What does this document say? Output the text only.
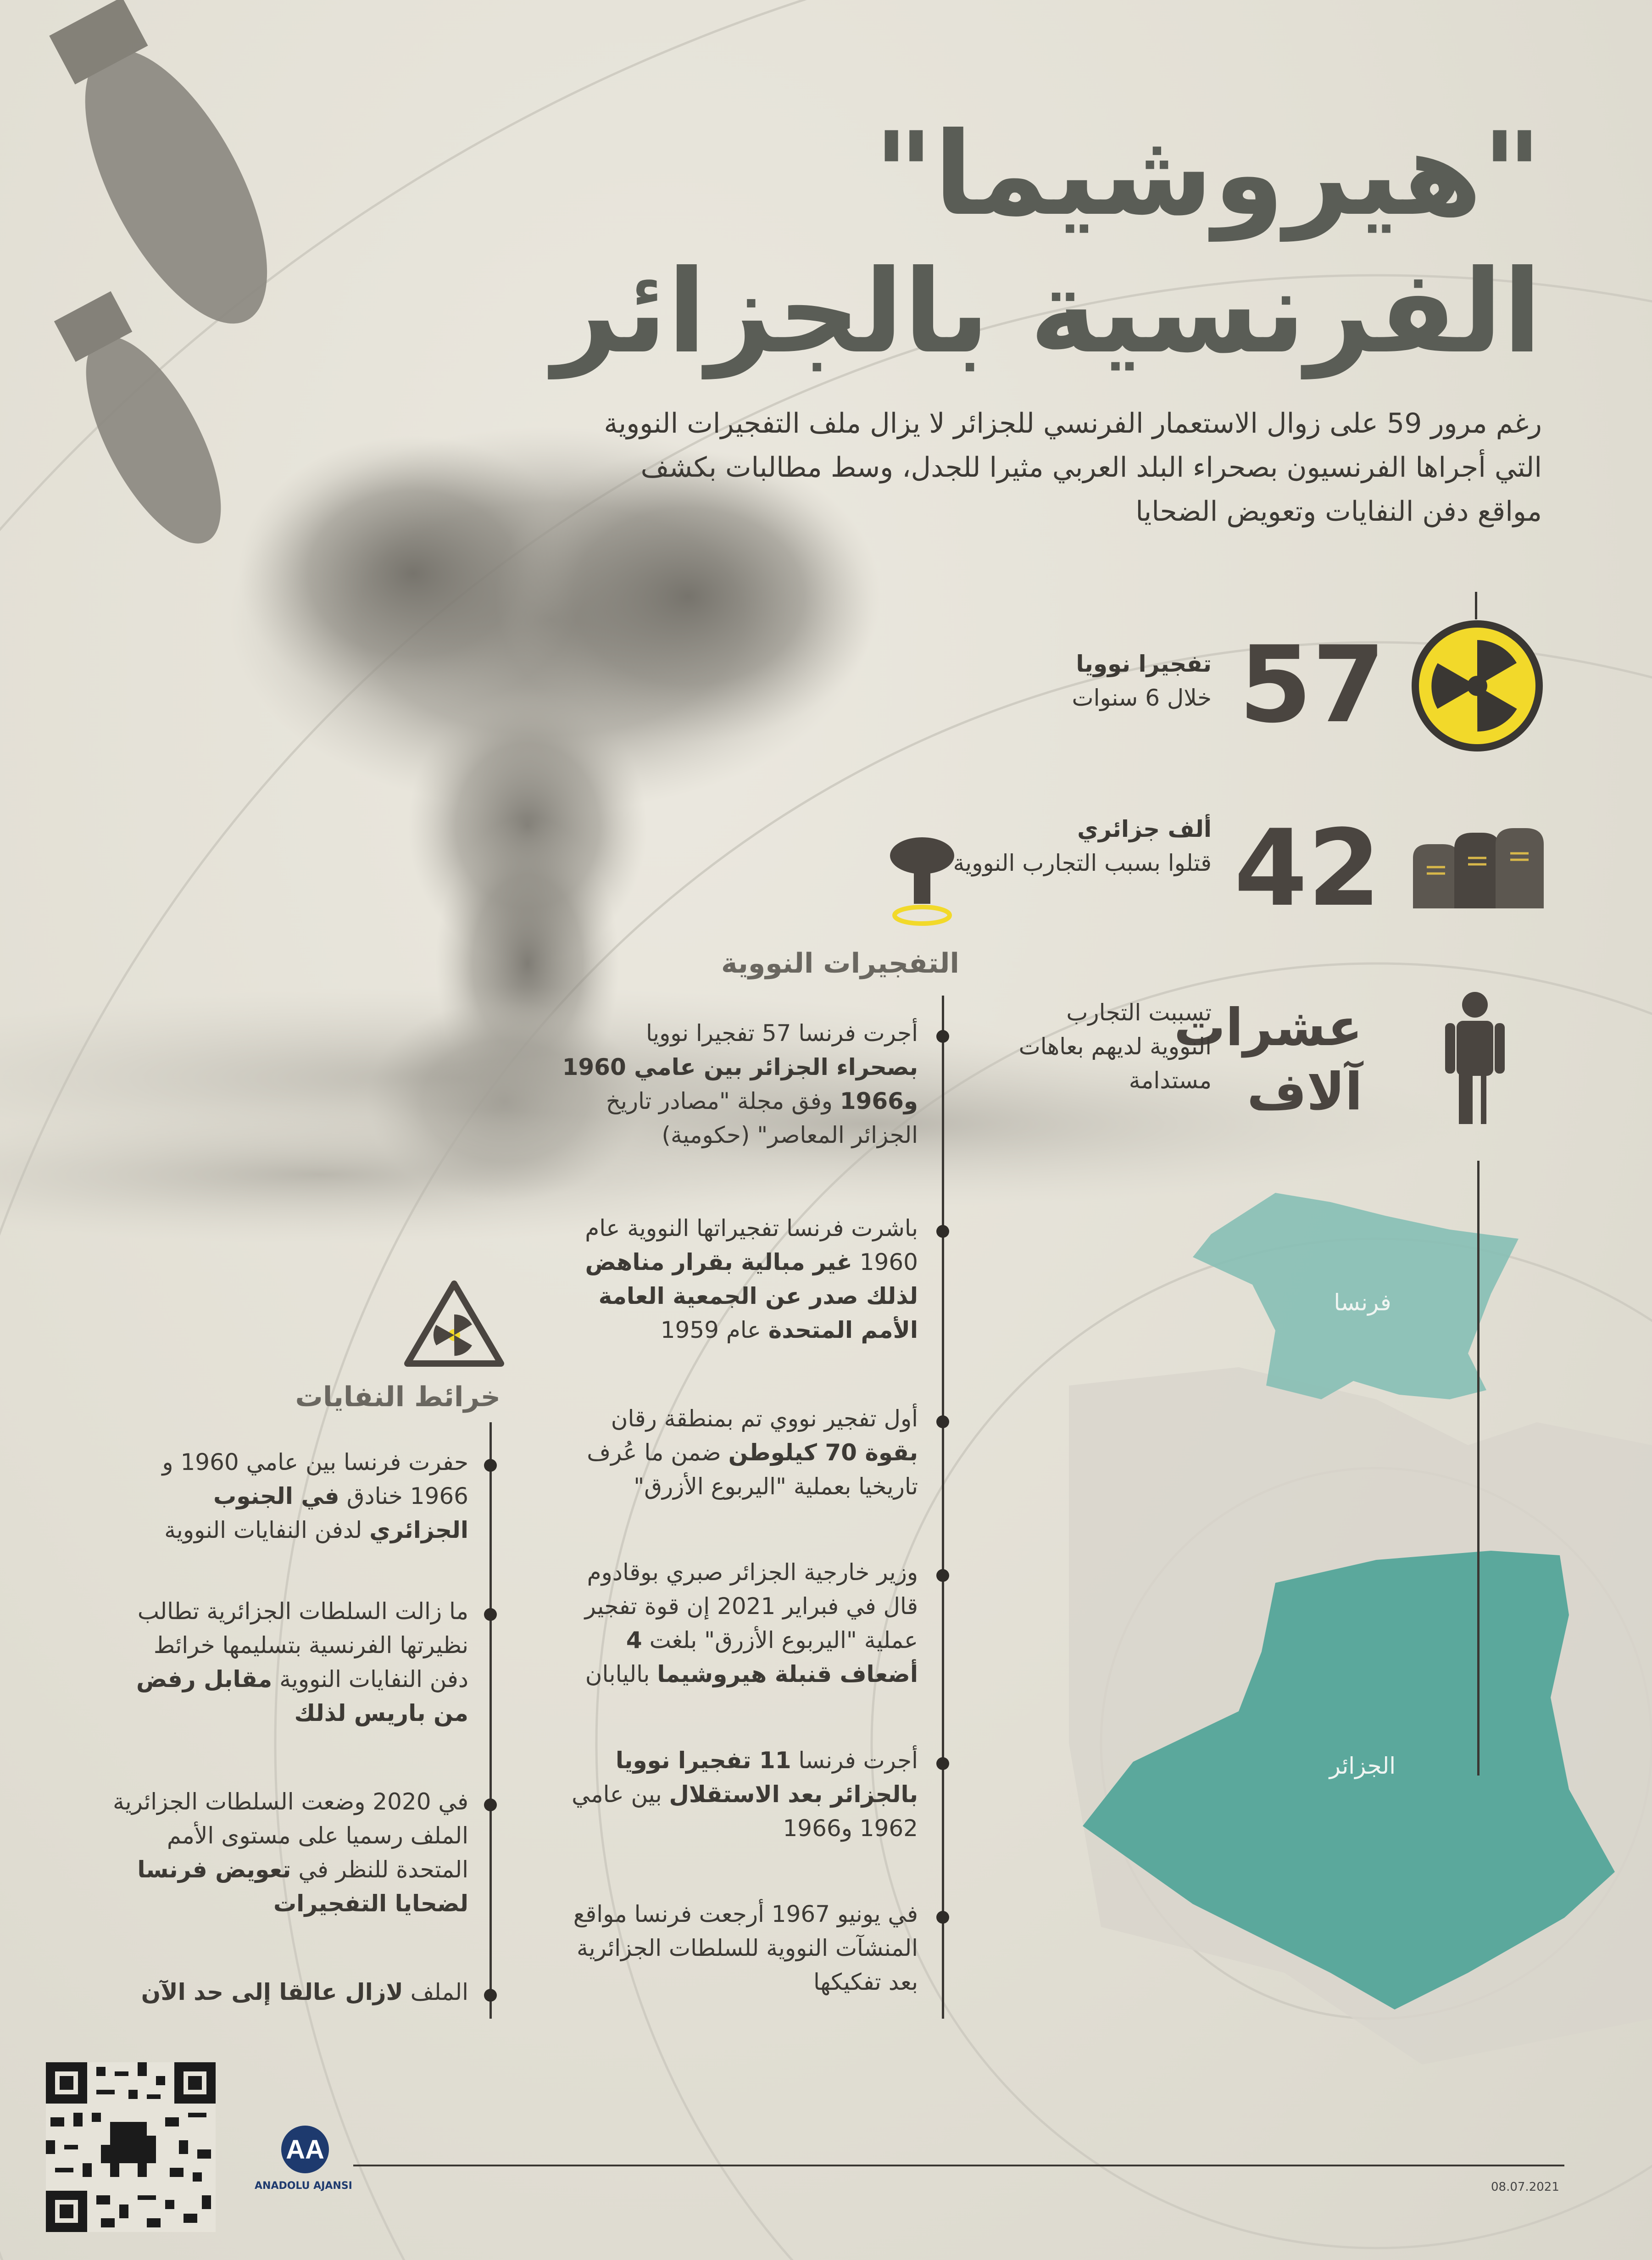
"هيروشيما"
الفرنسية بالجزائر
رغم مرور 59 على زوال الاستعمار الفرنسي للجزائر لا يزال ملف التفجيرات النووية التي أجراها الفرنسيون بصحراء البلد العربي مثيرا للجدل، وسط مطالبات بكشف مواقع دفن النفايات وتعويض الضحايا
57
تفجيرا نوويا
خلال 6 سنوات
42
ألف جزائري
قتلوا بسبب التجارب النووية
عشرات
آلاف
تسببت التجارب النووية لديهم بعاهات مستدامة
فرنسا
الجزائر
التفجيرات النووية
أجرت فرنسا 57 تفجيرا نوويا بصحراء الجزائر بين عامي 1960 و1966 وفق مجلة "مصادر تاريخ الجزائر المعاصر" (حكومية)
باشرت فرنسا تفجيراتها النووية عام 1960 غير مبالية بقرار مناهض لذلك صدر عن الجمعية العامة الأمم المتحدة عام 1959
أول تفجير نووي تم بمنطقة رقان بقوة 70 كيلوطن ضمن ما عُرف تاريخيا بعملية "اليربوع الأزرق"
وزير خارجية الجزائر صبري بوقادوم قال في فبراير 2021 إن قوة تفجير عملية "اليربوع الأزرق" بلغت 4 أضعاف قنبلة هيروشيما باليابان
أجرت فرنسا 11 تفجيرا نوويا بالجزائر بعد الاستقلال بين عامي 1962 و1966
في يونيو 1967 أرجعت فرنسا مواقع المنشآت النووية للسلطات الجزائرية بعد تفكيكها
خرائط النفايات
حفرت فرنسا بين عامي 1960 و 1966 خنادق في الجنوب الجزائري لدفن النفايات النووية
ما زالت السلطات الجزائرية تطالب نظيرتها الفرنسية بتسليمها خرائط دفن النفايات النووية مقابل رفض من باريس لذلك
في 2020 وضعت السلطات الجزائرية الملف رسميا على مستوى الأمم المتحدة للنظر في تعويض فرنسا لضحايا التفجيرات
الملف لازال عالقا إلى حد الآن
AA
ANADOLU AJANSI	08.07.2021
